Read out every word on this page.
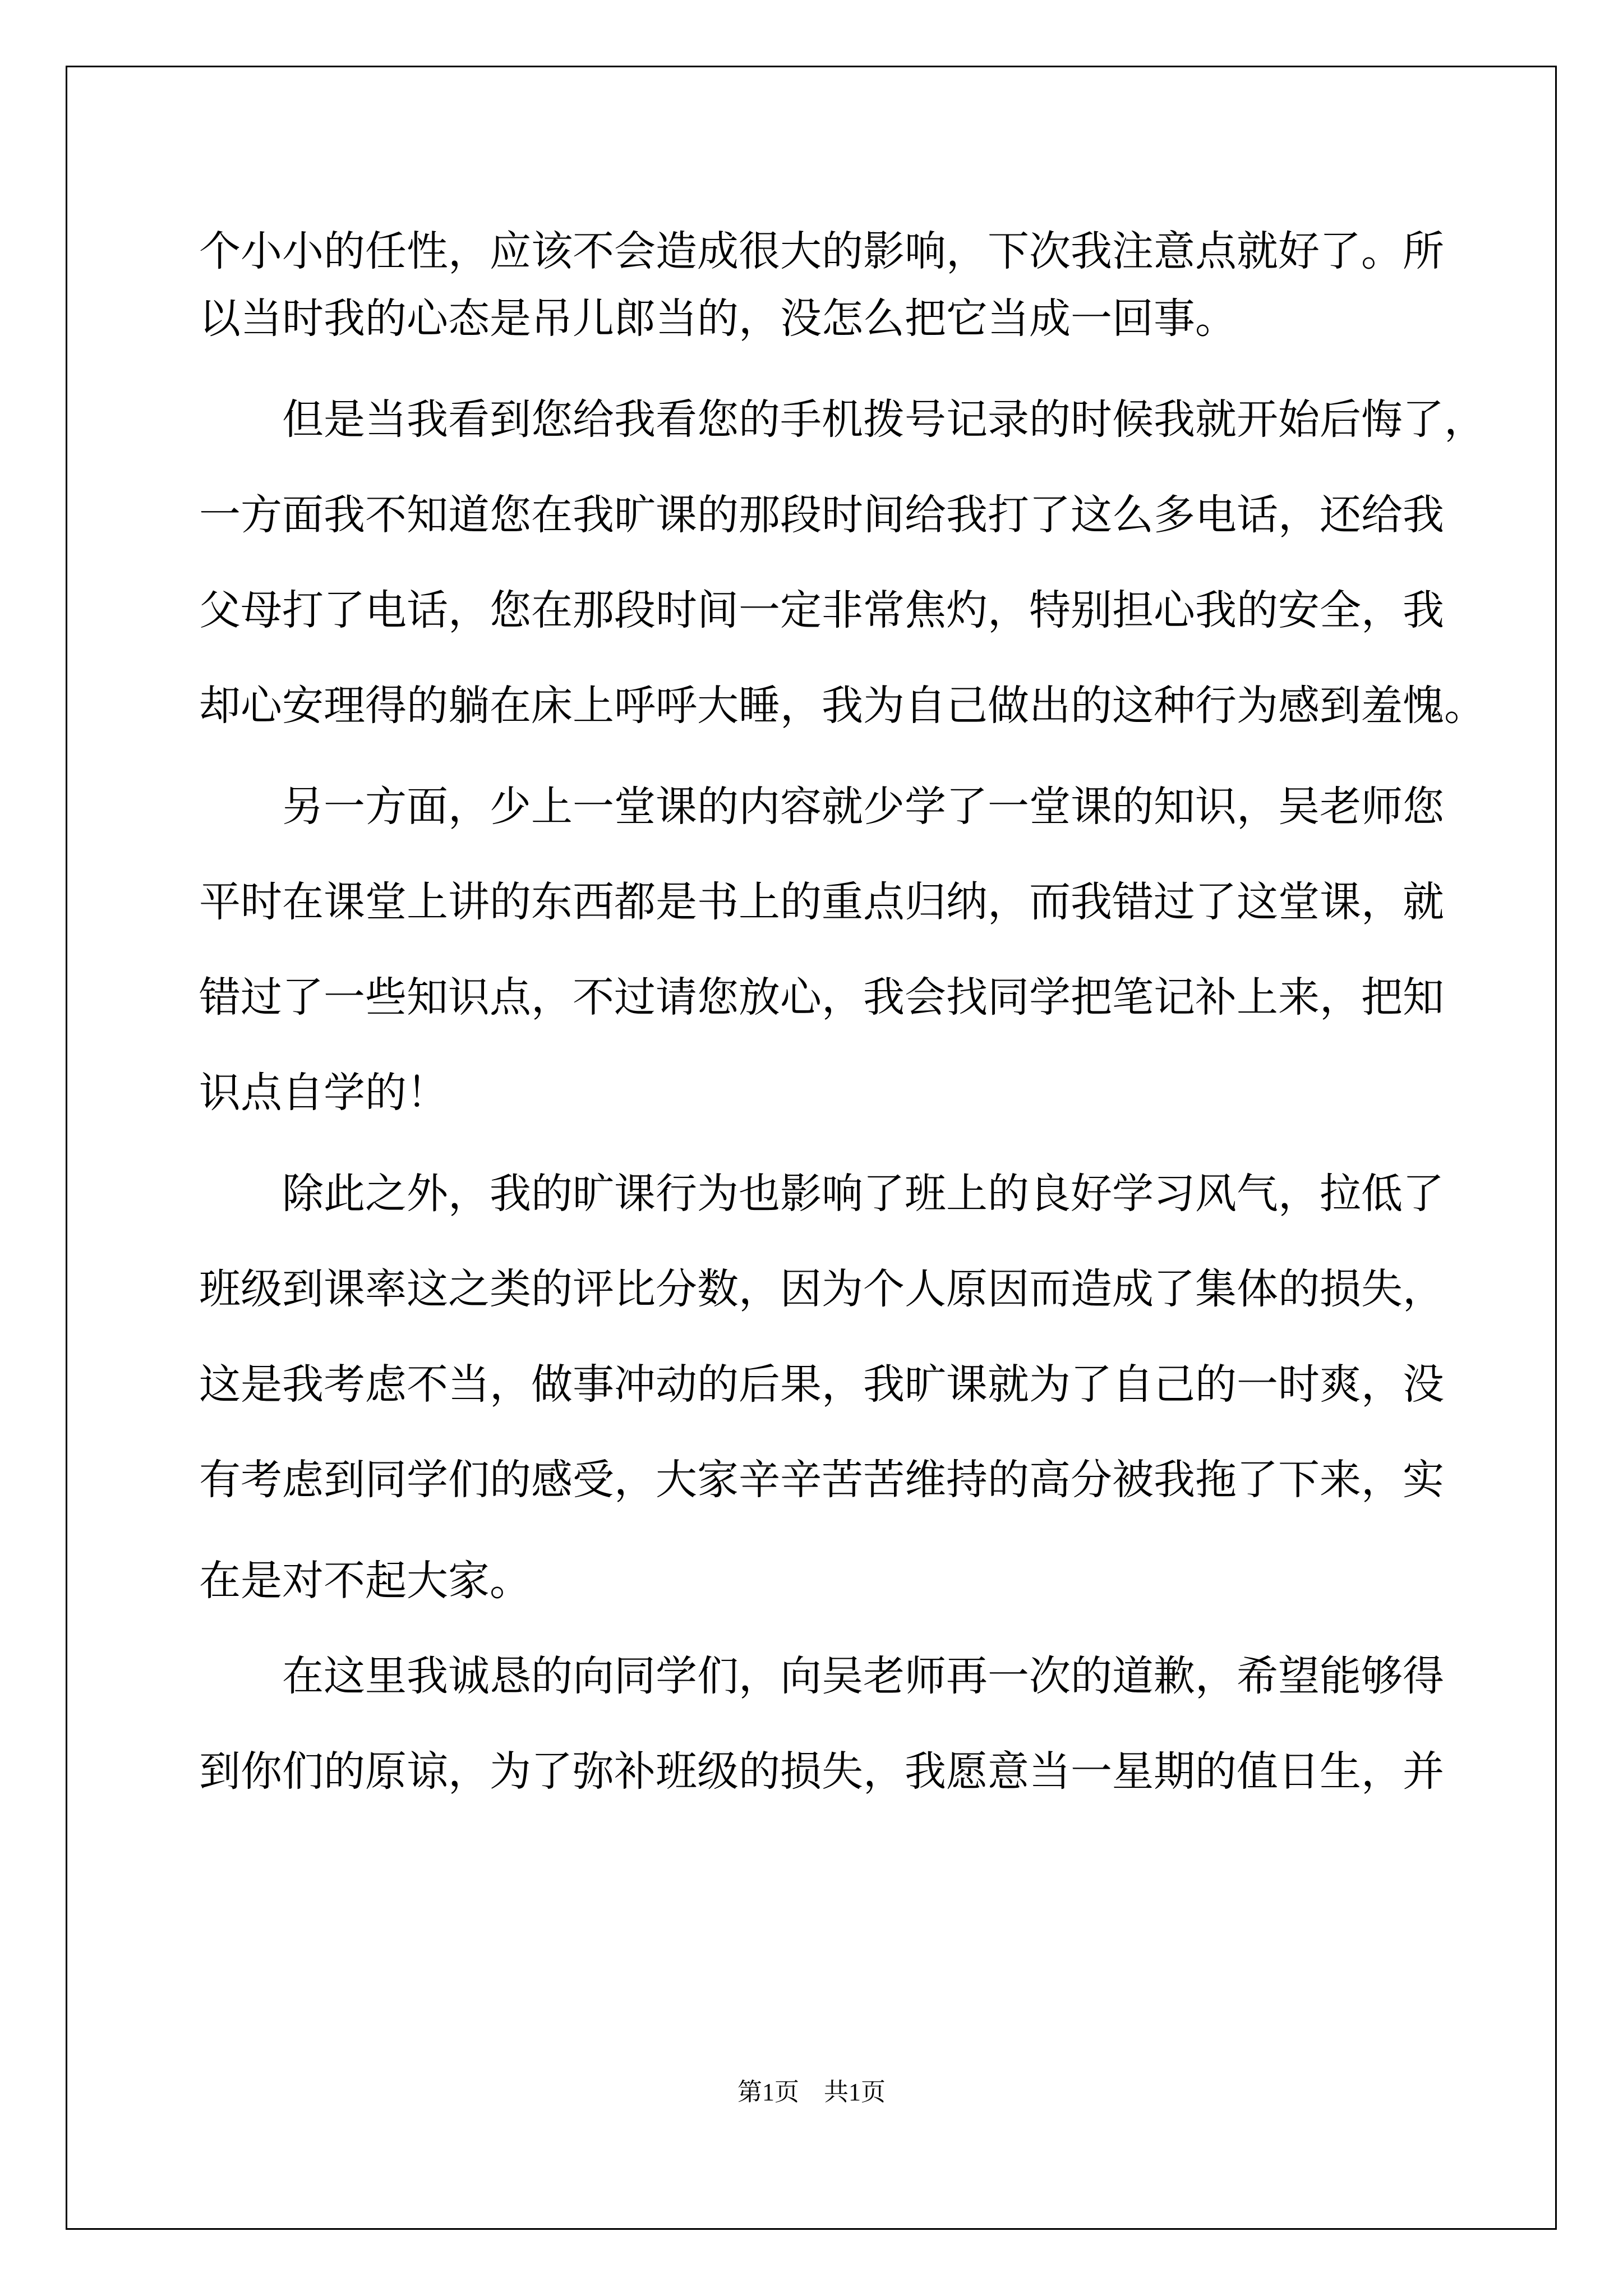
个小小的任性，应该不会造成很大的影响，下次我注意点就好了。所
以当时我的心态是吊儿郎当的，没怎么把它当成一回事。
　　但是当我看到您给我看您的手机拨号记录的时候我就开始后悔了，
一方面我不知道您在我旷课的那段时间给我打了这么多电话，还给我
父母打了电话，您在那段时间一定非常焦灼，特别担心我的安全，我
却心安理得的躺在床上呼呼大睡，我为自己做出的这种行为感到羞愧。
　　另一方面，少上一堂课的内容就少学了一堂课的知识，吴老师您
平时在课堂上讲的东西都是书上的重点归纳，而我错过了这堂课，就
错过了一些知识点，不过请您放心，我会找同学把笔记补上来，把知
识点自学的！
　　除此之外，我的旷课行为也影响了班上的良好学习风气，拉低了
班级到课率这之类的评比分数，因为个人原因而造成了集体的损失，
这是我考虑不当，做事冲动的后果，我旷课就为了自己的一时爽，没
有考虑到同学们的感受，大家辛辛苦苦维持的高分被我拖了下来，实
在是对不起大家。
　　在这里我诚恳的向同学们，向吴老师再一次的道歉，希望能够得
到你们的原谅，为了弥补班级的损失，我愿意当一星期的值日生，并
第1页　共1页
